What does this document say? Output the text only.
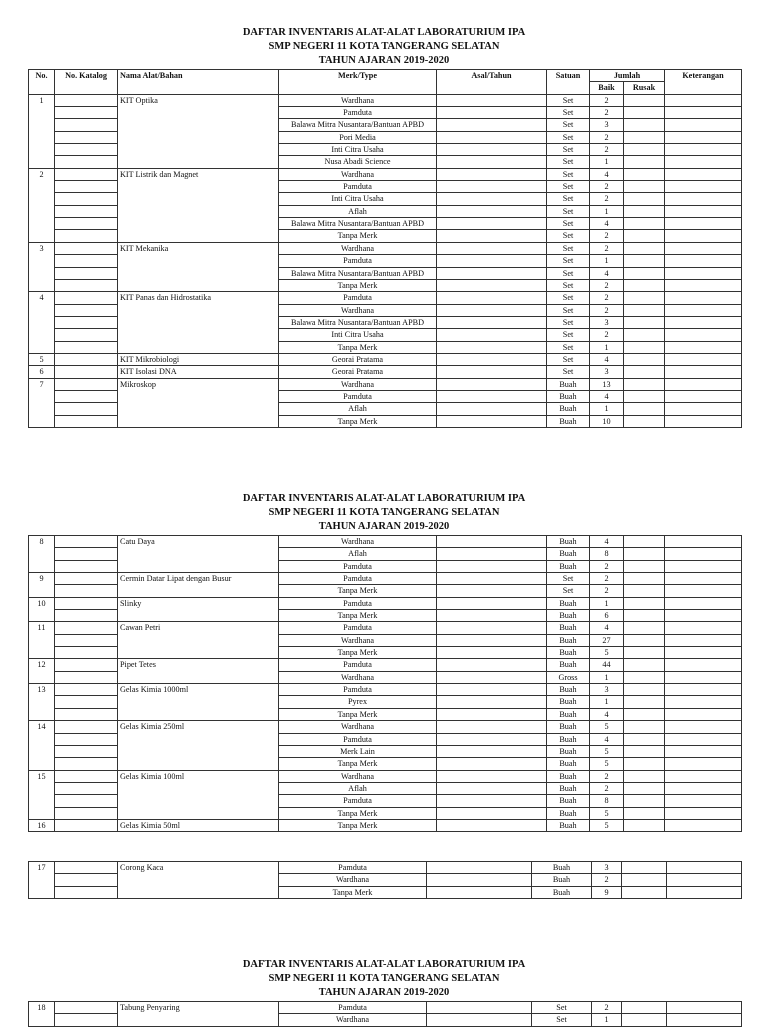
DAFTAR INVENTARIS ALAT-ALAT LABORATURIUM IPA
SMP NEGERI 11 KOTA TANGERANG SELATAN
TAHUN AJARAN 2019-2020
No.	No. Katalog	Nama Alat/Bahan	Merk/Type	Asal/Tahun	Satuan	Jumlah		Keterangan
						Baik	Rusak	
1		KIT Optika	Wardhana		Set	2		
			Pamduta		Set	2		
			Balawa Mitra Nusantara/Bantuan APBD		Set	3		
			Pori Media		Set	2		
			Inti Citra Usaha		Set	2		
			Nusa Abadi Science		Set	1		
2		KIT Listrik dan Magnet	Wardhana		Set	4		
			Pamduta		Set	2		
			Inti Citra Usaha		Set	2		
			Aflah		Set	1		
			Balawa Mitra Nusantara/Bantuan APBD		Set	4		
			Tanpa Merk		Set	2		
3		KIT Mekanika	Wardhana		Set	2		
			Pamduta		Set	1		
			Balawa Mitra Nusantara/Bantuan APBD		Set	4		
			Tanpa Merk		Set	2		
4		KIT Panas dan Hidrostatika	Pamduta		Set	2		
			Wardhana		Set	2		
			Balawa Mitra Nusantara/Bantuan APBD		Set	3		
			Inti Citra Usaha		Set	2		
			Tanpa Merk		Set	1		
5		KIT Mikrobiologi	Georai Pratama		Set	4		
6		KIT Isolasi DNA	Georai Pratama		Set	3		
7		Mikroskop	Wardhana		Buah	13		
			Pamduta		Buah	4		
			Aflah		Buah	1		
			Tanpa Merk		Buah	10		
DAFTAR INVENTARIS ALAT-ALAT LABORATURIUM IPA
SMP NEGERI 11 KOTA TANGERANG SELATAN
TAHUN AJARAN 2019-2020
8		Catu Daya	Wardhana		Buah	4		
			Aflah		Buah	8		
			Pamduta		Buah	2		
9		Cermin Datar Lipat dengan Busur	Pamduta		Set	2		
			Tanpa Merk		Set	2		
10		Slinky	Pamduta		Buah	1		
			Tanpa Merk		Buah	6		
11		Cawan Petri	Pamduta		Buah	4		
			Wardhana		Buah	27		
			Tanpa Merk		Buah	5		
12		Pipet Tetes	Pamduta		Buah	44		
			Wardhana		Gross	1		
13		Gelas Kimia 1000ml	Pamduta		Buah	3		
			Pyrex		Buah	1		
			Tanpa Merk		Buah	4		
14		Gelas Kimia 250ml	Wardhana		Buah	5		
			Pamduta		Buah	4		
			Merk Lain		Buah	5		
			Tanpa Merk		Buah	5		
15		Gelas Kimia 100ml	Wardhana		Buah	2		
			Aflah		Buah	2		
			Pamduta		Buah	8		
			Tanpa Merk		Buah	5		
16		Gelas Kimia 50ml	Tanpa Merk		Buah	5		
17		Corong Kaca	Pamduta		Buah	3		
			Wardhana		Buah	2		
			Tanpa Merk		Buah	9		
DAFTAR INVENTARIS ALAT-ALAT LABORATURIUM IPA
SMP NEGERI 11 KOTA TANGERANG SELATAN
TAHUN AJARAN 2019-2020
18		Tabung Penyaring	Pamduta		Set	2		
			Wardhana		Set	1		
